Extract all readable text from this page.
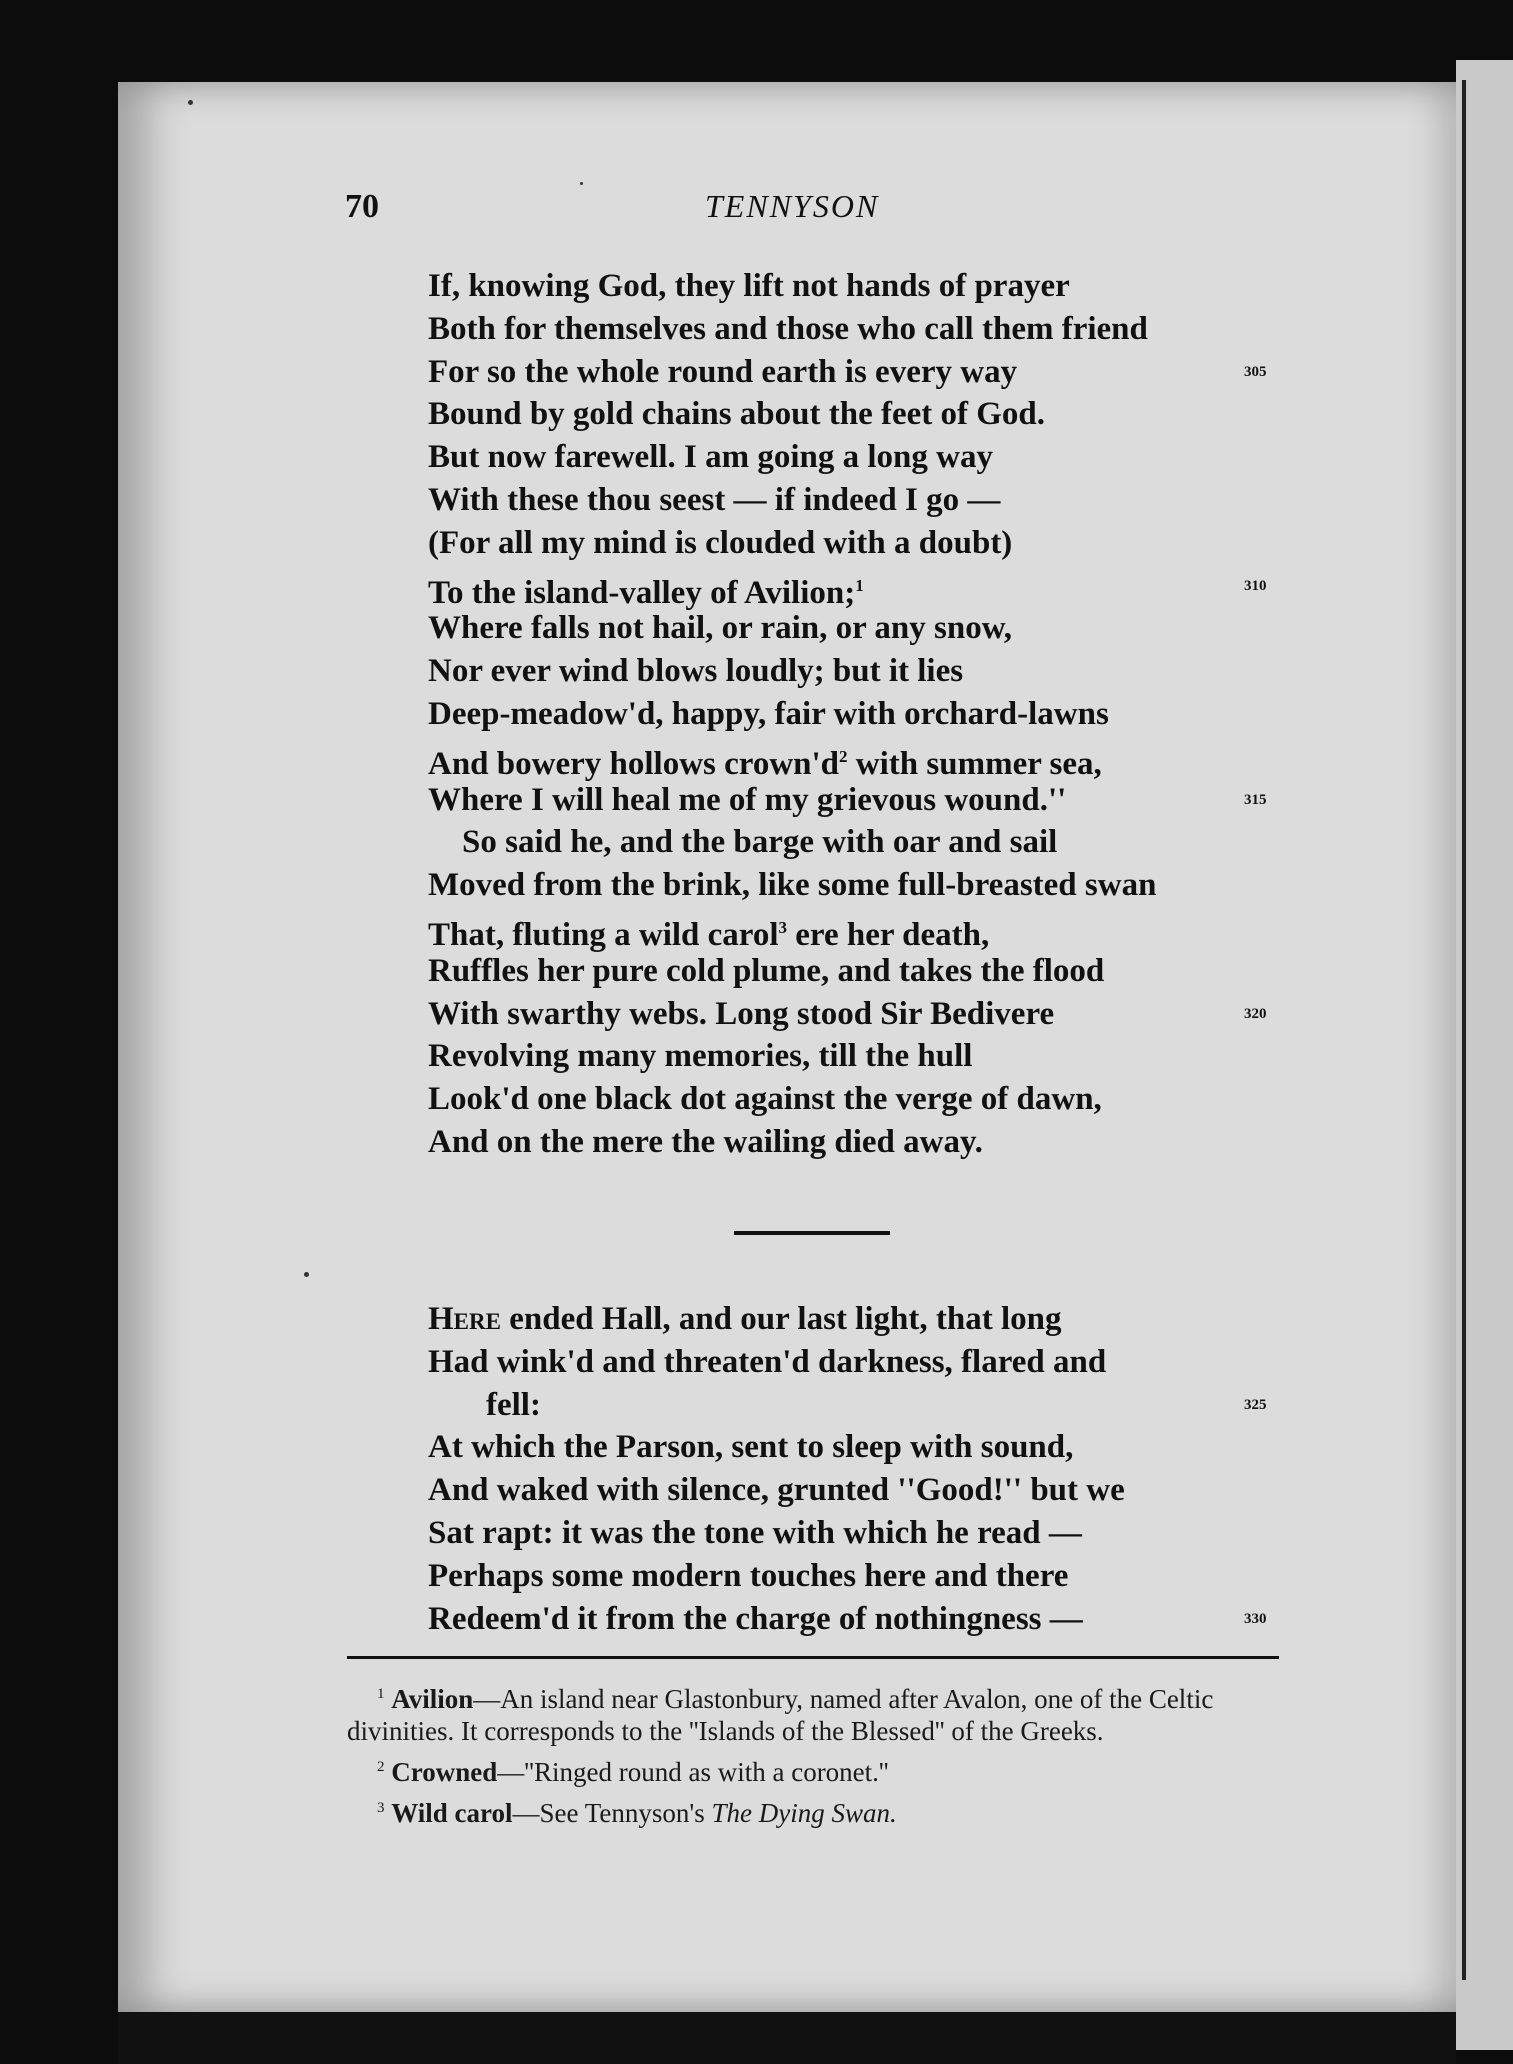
70	TENNYSON
If, knowing God, they lift not hands of prayer
Both for themselves and those who call them friend
For so the whole round earth is every way	305
Bound by gold chains about the feet of God.
But now farewell. I am going a long way
With these thou seest — if indeed I go —
(For all my mind is clouded with a doubt)
To the island-valley of Avilion;$^1$	310
Where falls not hail, or rain, or any snow,
Nor ever wind blows loudly; but it lies
Deep-meadow'd, happy, fair with orchard-lawns
And bowery hollows $crown'd^2$ with summer sea,
Where I will heal me of my grievous wound.''	315
So said he, and the barge with oar and sail
Moved from the brink, like some full-breasted swan
That, fluting a wild carol$^3$ ere her death,
Ruffles her pure cold plume, and takes the flood
With swarthy webs. Long stood Sir Bedivere	320
Revolving many memories, till the hull
Look'd one black dot against the verge of dawn,
And on the mere the wailing died away.
Here ended Hall, and our last light, that long
Had wink'd and threaten'd darkness, flared and
fell:	325
At which the Parson, sent to sleep with sound,
And waked with silence, grunted ''Good!'' but we
Sat rapt: it was the tone with which he read —
Perhaps some modern touches here and there
Redeem'd it from the charge of nothingness —	330

$^1$ Avilion—An island near Glastonbury, named after Avalon, one of the Celtic divinities. It corresponds to the ''Islands of the Blessed'' of the Greeks.

$^2$ Crowned—''Ringed round as with a coronet.''

$^3$ Wild carol—See Tennyson's The Dying Swan.
